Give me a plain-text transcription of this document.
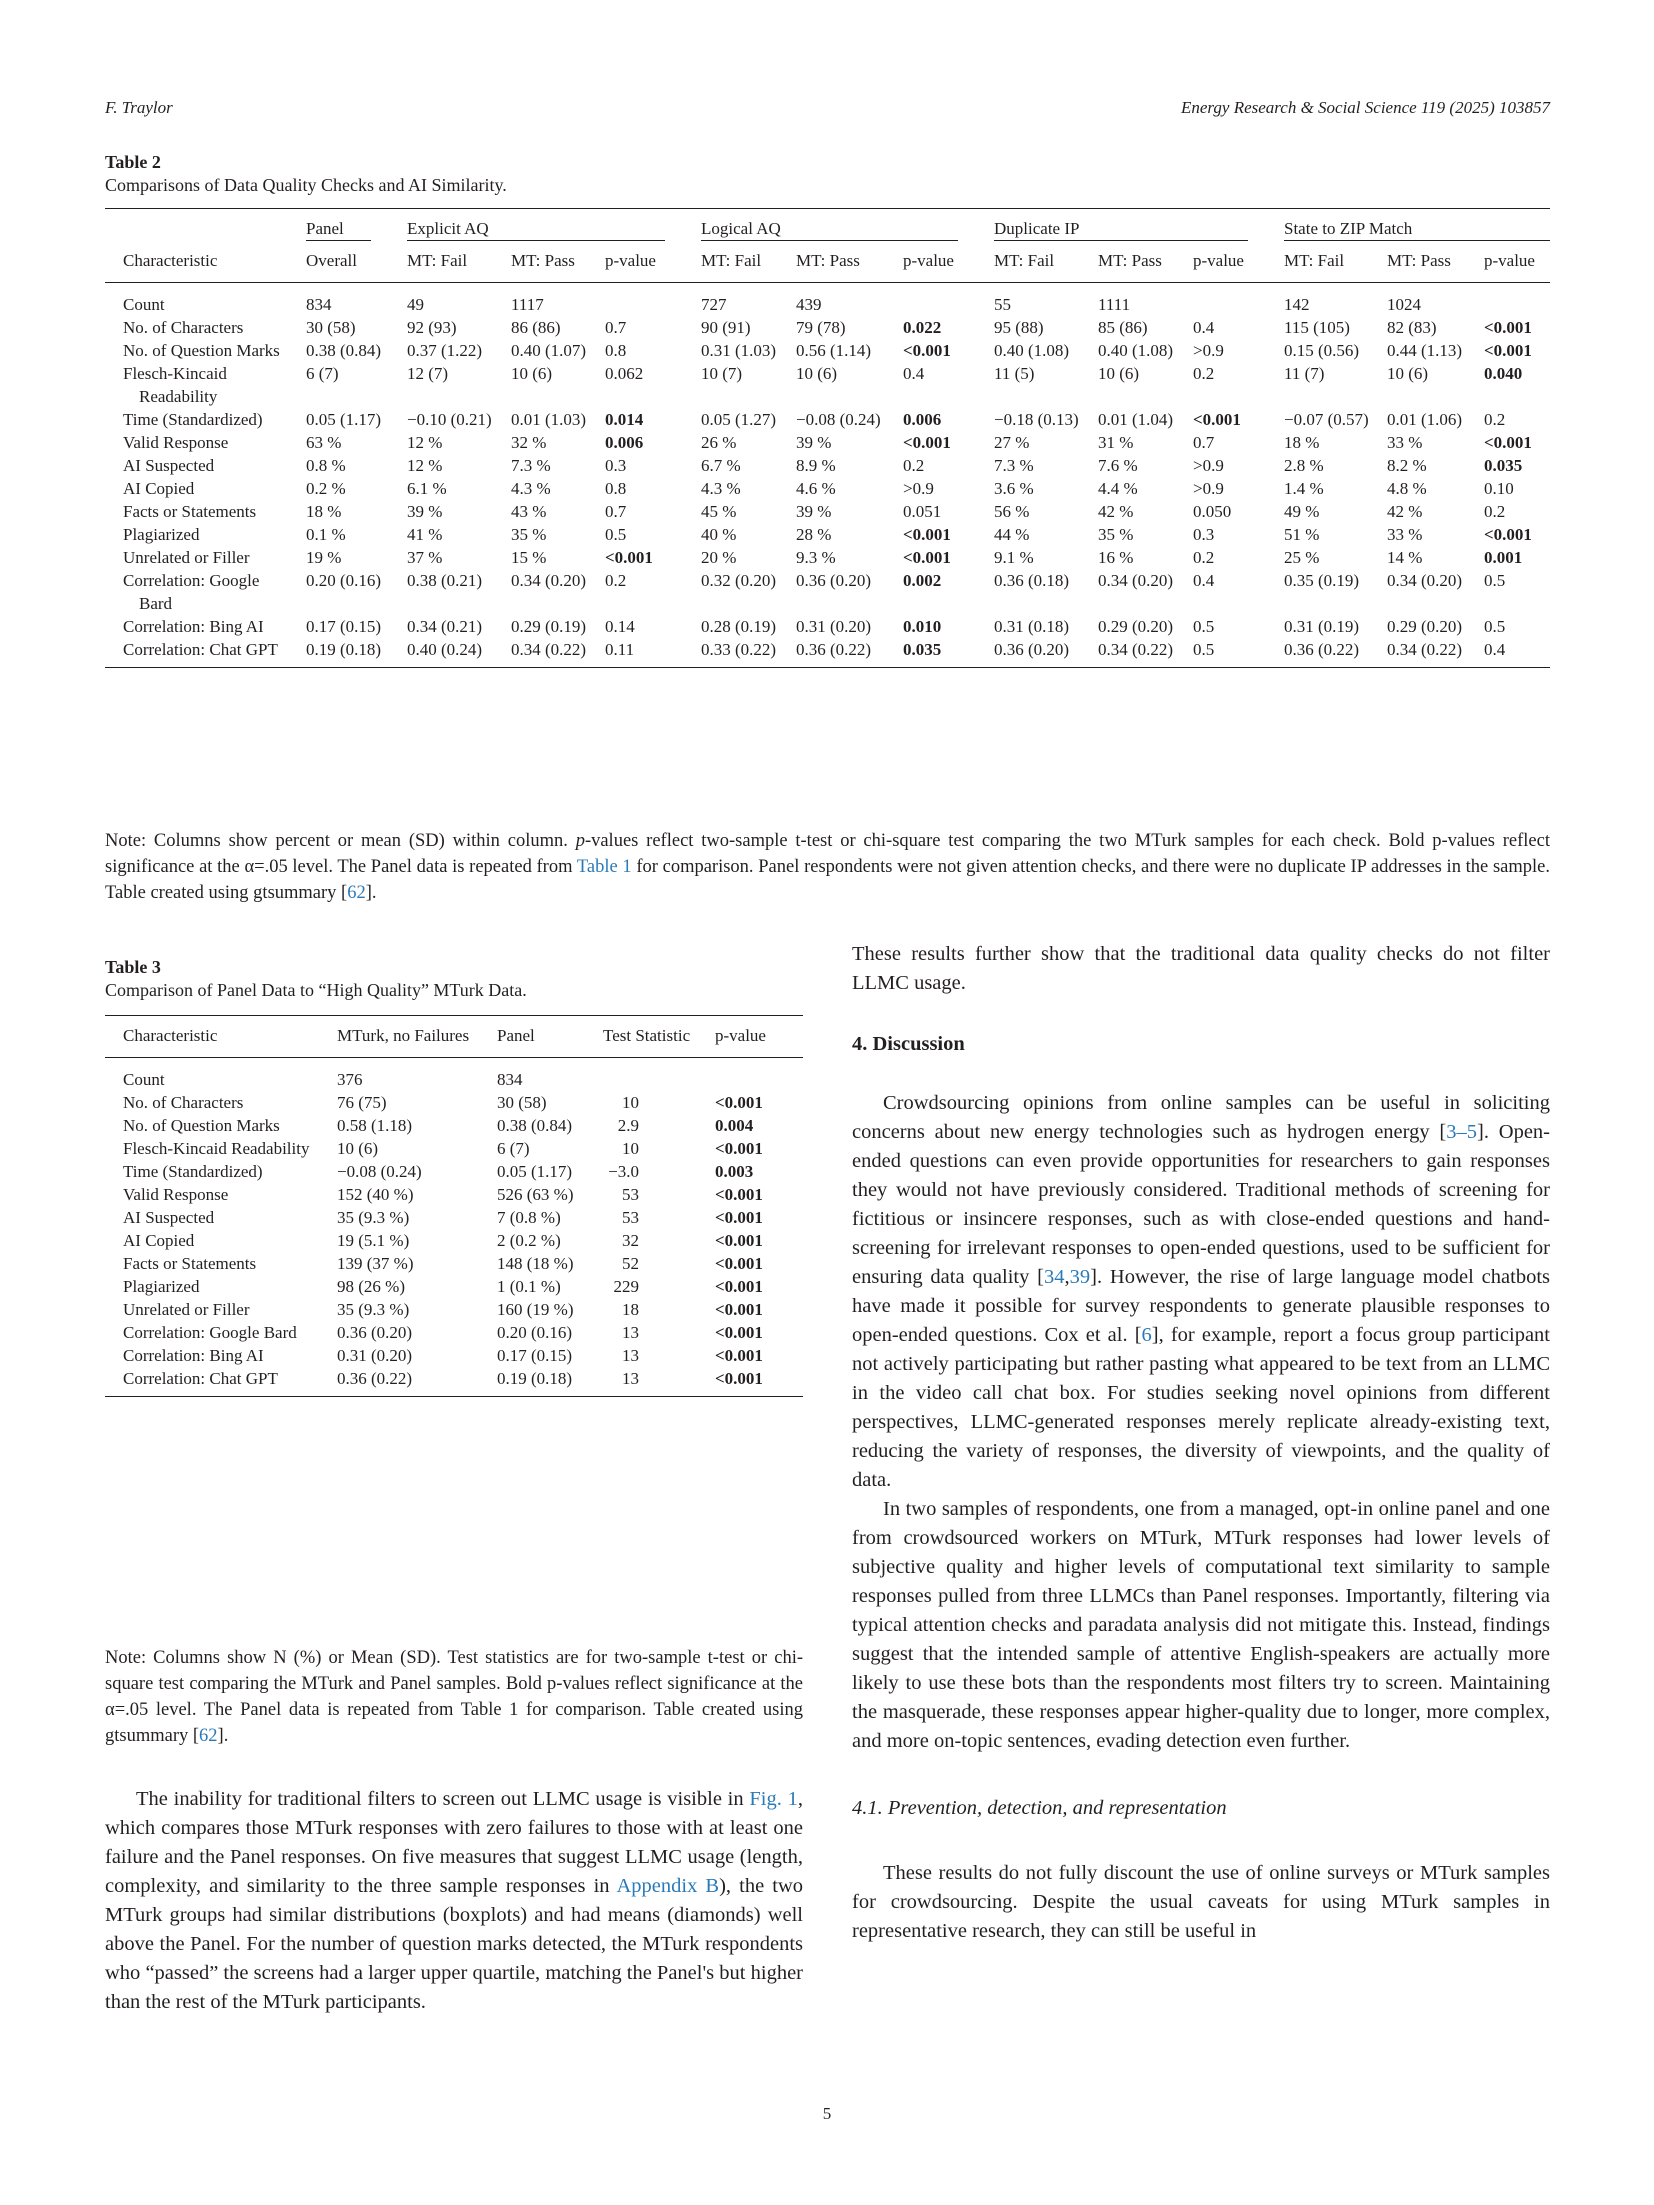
F. Traylor	Energy Research & Social Science 119 (2025) 103857
Table 2
Comparisons of Data Quality Checks and AI Similarity.

	Panel	Explicit AQ			Logical AQ			Duplicate IP			State to ZIP Match		

Characteristic	Overall	MT: Fail	MT: Pass	p-value	MT: Fail	MT: Pass	p-value	MT: Fail	MT: Pass	p-value	MT: Fail	MT: Pass	p-value
Count	834	49	1117		727	439		55	1111		142	1024	
No. of Characters	30 (58)	92 (93)	86 (86)	0.7	90 (91)	79 (78)	0.022	95 (88)	85 (86)	0.4	115 (105)	82 (83)	<0.001
No. of Question Marks	0.38 (0.84)	0.37 (1.22)	0.40 (1.07)	0.8	0.31 (1.03)	0.56 (1.14)	<0.001	0.40 (1.08)	0.40 (1.08)	>0.9	0.15 (0.56)	0.44 (1.13)	<0.001
Flesch-Kincaid Readability	6 (7)	12 (7)	10 (6)	0.062	10 (7)	10 (6)	0.4	11 (5)	10 (6)	0.2	11 (7)	10 (6)	0.040
Time (Standardized)	0.05 (1.17)	−0.10 (0.21)	0.01 (1.03)	0.014	0.05 (1.27)	−0.08 (0.24)	0.006	−0.18 (0.13)	0.01 (1.04)	<0.001	−0.07 (0.57)	0.01 (1.06)	0.2
Valid Response	63 %	12 %	32 %	0.006	26 %	39 %	<0.001	27 %	31 %	0.7	18 %	33 %	<0.001
AI Suspected	0.8 %	12 %	7.3 %	0.3	6.7 %	8.9 %	0.2	7.3 %	7.6 %	>0.9	2.8 %	8.2 %	0.035
AI Copied	0.2 %	6.1 %	4.3 %	0.8	4.3 %	4.6 %	>0.9	3.6 %	4.4 %	>0.9	1.4 %	4.8 %	0.10
Facts or Statements	18 %	39 %	43 %	0.7	45 %	39 %	0.051	56 %	42 %	0.050	49 %	42 %	0.2
Plagiarized	0.1 %	41 %	35 %	0.5	40 %	28 %	<0.001	44 %	35 %	0.3	51 %	33 %	<0.001
Unrelated or Filler	19 %	37 %	15 %	<0.001	20 %	9.3 %	<0.001	9.1 %	16 %	0.2	25 %	14 %	0.001
Correlation: Google Bard	0.20 (0.16)	0.38 (0.21)	0.34 (0.20)	0.2	0.32 (0.20)	0.36 (0.20)	0.002	0.36 (0.18)	0.34 (0.20)	0.4	0.35 (0.19)	0.34 (0.20)	0.5
Correlation: Bing AI	0.17 (0.15)	0.34 (0.21)	0.29 (0.19)	0.14	0.28 (0.19)	0.31 (0.20)	0.010	0.31 (0.18)	0.29 (0.20)	0.5	0.31 (0.19)	0.29 (0.20)	0.5
Correlation: Chat GPT	0.19 (0.18)	0.40 (0.24)	0.34 (0.22)	0.11	0.33 (0.22)	0.36 (0.22)	0.035	0.36 (0.20)	0.34 (0.22)	0.5	0.36 (0.22)	0.34 (0.22)	0.4
Note: Columns show percent or mean (SD) within column. p-values reflect two-sample t-test or chi-square test comparing the two MTurk samples for each check. Bold p-values reflect significance at the α=.05 level. The Panel data is repeated from Table 1 for comparison. Panel respondents were not given attention checks, and there were no duplicate IP addresses in the sample. Table created using gtsummary [62].
Table 3
Comparison of Panel Data to “High Quality” MTurk Data.
Characteristic	MTurk, no Failures	Panel	Test Statistic	p-value
Count	376	834		
No. of Characters	76 (75)	30 (58)	10	<0.001
No. of Question Marks	0.58 (1.18)	0.38 (0.84)	2.9	0.004
Flesch-Kincaid Readability	10 (6)	6 (7)	10	<0.001
Time (Standardized)	−0.08 (0.24)	0.05 (1.17)	−3.0	0.003
Valid Response	152 (40 %)	526 (63 %)	53	<0.001
AI Suspected	35 (9.3 %)	7 (0.8 %)	53	<0.001
AI Copied	19 (5.1 %)	2 (0.2 %)	32	<0.001
Facts or Statements	139 (37 %)	148 (18 %)	52	<0.001
Plagiarized	98 (26 %)	1 (0.1 %)	229	<0.001
Unrelated or Filler	35 (9.3 %)	160 (19 %)	18	<0.001
Correlation: Google Bard	0.36 (0.20)	0.20 (0.16)	13	<0.001
Correlation: Bing AI	0.31 (0.20)	0.17 (0.15)	13	<0.001
Correlation: Chat GPT	0.36 (0.22)	0.19 (0.18)	13	<0.001
Note: Columns show N (%) or Mean (SD). Test statistics are for two-sample t-test or chi-square test comparing the MTurk and Panel samples. Bold p-values reflect significance at the α=.05 level. The Panel data is repeated from Table 1 for comparison. Table created using gtsummary [62].
The inability for traditional filters to screen out LLMC usage is visible in Fig. 1, which compares those MTurk responses with zero failures to those with at least one failure and the Panel responses. On five measures that suggest LLMC usage (length, complexity, and similarity to the three sample responses in Appendix B), the two MTurk groups had similar distributions (boxplots) and had means (diamonds) well above the Panel. For the number of question marks detected, the MTurk respondents who “passed” the screens had a larger upper quartile, matching the Panel's but higher than the rest of the MTurk participants.
These results further show that the traditional data quality checks do not filter LLMC usage.
4. Discussion
Crowdsourcing opinions from online samples can be useful in soliciting concerns about new energy technologies such as hydrogen energy [3–5]. Open-ended questions can even provide opportunities for researchers to gain responses they would not have previously considered. Traditional methods of screening for fictitious or insincere responses, such as with close-ended questions and hand-screening for irrelevant responses to open-ended questions, used to be sufficient for ensuring data quality [34,39]. However, the rise of large language model chatbots have made it possible for survey respondents to generate plausible responses to open-ended questions. Cox et al. [6], for example, report a focus group participant not actively participating but rather pasting what appeared to be text from an LLMC in the video call chat box. For studies seeking novel opinions from different perspectives, LLMC-generated responses merely replicate already-existing text, reducing the variety of responses, the diversity of viewpoints, and the quality of data.
In two samples of respondents, one from a managed, opt-in online panel and one from crowdsourced workers on MTurk, MTurk responses had lower levels of subjective quality and higher levels of computational text similarity to sample responses pulled from three LLMCs than Panel responses. Importantly, filtering via typical attention checks and paradata analysis did not mitigate this. Instead, findings suggest that the intended sample of attentive English-speakers are actually more likely to use these bots than the respondents most filters try to screen. Maintaining the masquerade, these responses appear higher-quality due to longer, more complex, and more on-topic sentences, evading detection even further.
4.1. Prevention, detection, and representation
These results do not fully discount the use of online surveys or MTurk samples for crowdsourcing. Despite the usual caveats for using MTurk samples in representative research, they can still be useful in
5
